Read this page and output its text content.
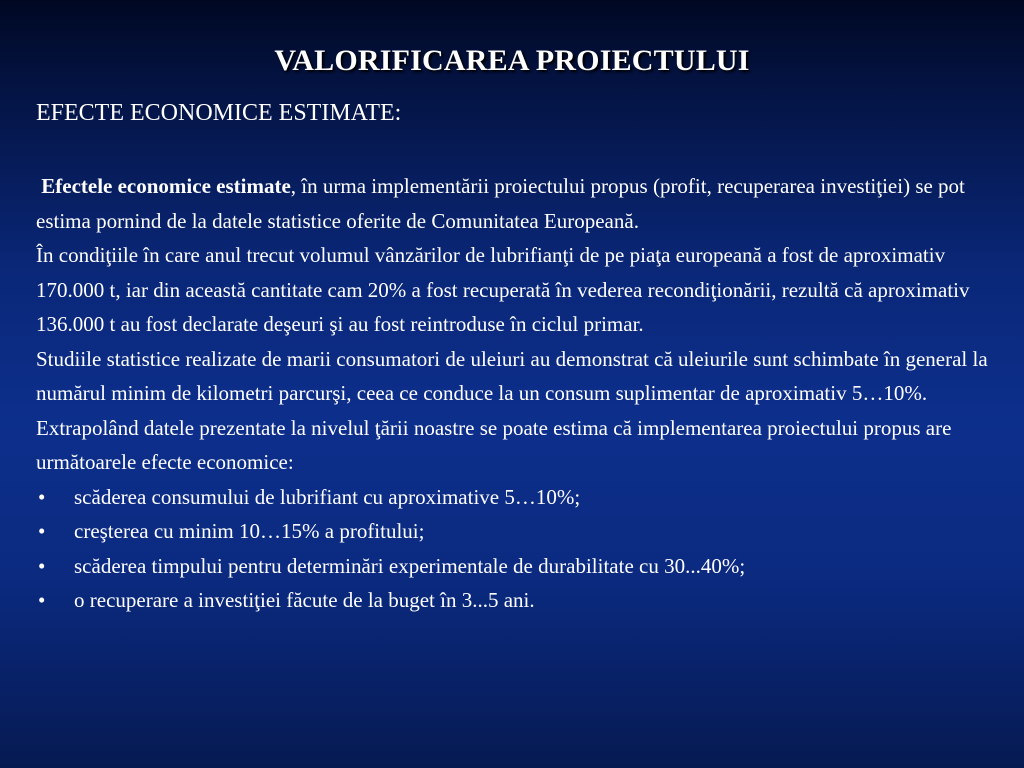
VALORIFICAREA PROIECTULUI
EFECTE ECONOMICE ESTIMATE:

Efectele economice estimate, în urma implementării proiectului propus (profit, recuperarea investiţiei) se pot estima pornind de la datele statistice oferite de Comunitatea Europeană.

În condiţiile în care anul trecut volumul vânzărilor de lubrifianţi de pe piaţa europeană a fost de aproximativ 170.000 t, iar din această cantitate cam 20% a fost recuperată în vederea recondiţionării, rezultă că aproximativ 136.000 t au fost declarate deşeuri şi au fost reintroduse în ciclul primar.

Studiile statistice realizate de marii consumatori de uleiuri au demonstrat că uleiurile sunt schimbate în general la numărul minim de kilometri parcurşi, ceea ce conduce la un consum suplimentar de aproximativ 5…10%.

Extrapolând datele prezentate la nivelul ţării noastre se poate estima că implementarea proiectului propus are următoarele efecte economice:

• scăderea consumului de lubrifiant cu aproximative 5…10%;
• creşterea cu minim 10…15% a profitului;
• scăderea timpului pentru determinări experimentale de durabilitate cu 30...40%;
• o recuperare a investiţiei făcute de la buget în 3...5 ani.
